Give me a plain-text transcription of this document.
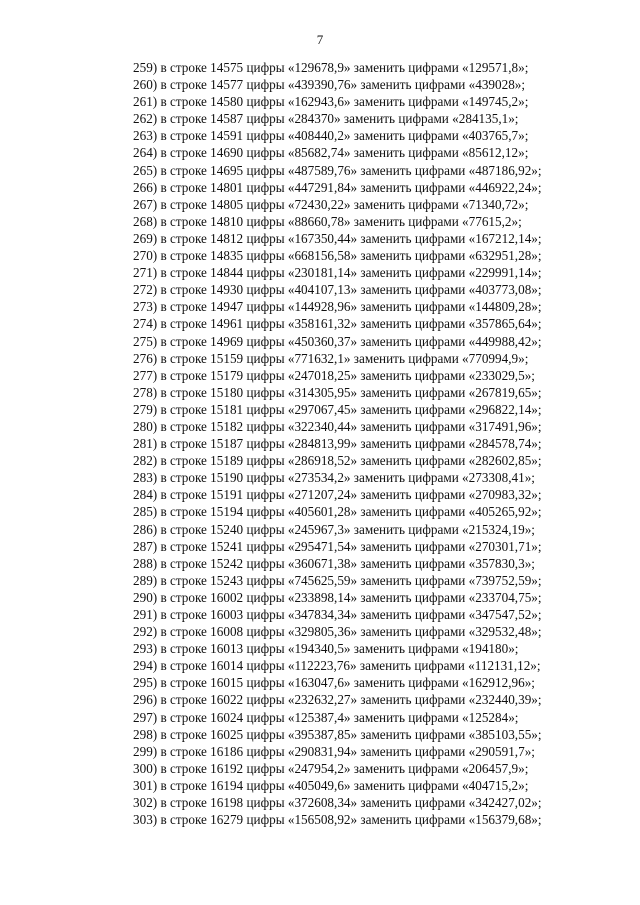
7
259) в строке 14575 цифры «129678,9» заменить цифрами «129571,8»;
260) в строке 14577 цифры «439390,76» заменить цифрами «439028»;
261) в строке 14580 цифры «162943,6» заменить цифрами «149745,2»;
262) в строке 14587 цифры «284370» заменить цифрами «284135,1»;
263) в строке 14591 цифры «408440,2» заменить цифрами «403765,7»;
264) в строке 14690 цифры «85682,74» заменить цифрами «85612,12»;
265) в строке 14695 цифры «487589,76» заменить цифрами «487186,92»;
266) в строке 14801 цифры «447291,84» заменить цифрами «446922,24»;
267) в строке 14805 цифры «72430,22» заменить цифрами «71340,72»;
268) в строке 14810 цифры «88660,78» заменить цифрами «77615,2»;
269) в строке 14812 цифры «167350,44» заменить цифрами «167212,14»;
270) в строке 14835 цифры «668156,58» заменить цифрами «632951,28»;
271) в строке 14844 цифры «230181,14» заменить цифрами «229991,14»;
272) в строке 14930 цифры «404107,13» заменить цифрами «403773,08»;
273) в строке 14947 цифры «144928,96» заменить цифрами «144809,28»;
274) в строке 14961 цифры «358161,32» заменить цифрами «357865,64»;
275) в строке 14969 цифры «450360,37» заменить цифрами «449988,42»;
276) в строке 15159 цифры «771632,1» заменить цифрами «770994,9»;
277) в строке 15179 цифры «247018,25» заменить цифрами «233029,5»;
278) в строке 15180 цифры «314305,95» заменить цифрами «267819,65»;
279) в строке 15181 цифры «297067,45» заменить цифрами «296822,14»;
280) в строке 15182 цифры «322340,44» заменить цифрами «317491,96»;
281) в строке 15187 цифры «284813,99» заменить цифрами «284578,74»;
282) в строке 15189 цифры «286918,52» заменить цифрами «282602,85»;
283) в строке 15190 цифры «273534,2» заменить цифрами «273308,41»;
284) в строке 15191 цифры «271207,24» заменить цифрами «270983,32»;
285) в строке 15194 цифры «405601,28» заменить цифрами «405265,92»;
286) в строке 15240 цифры «245967,3» заменить цифрами «215324,19»;
287) в строке 15241 цифры «295471,54» заменить цифрами «270301,71»;
288) в строке 15242 цифры «360671,38» заменить цифрами «357830,3»;
289) в строке 15243 цифры «745625,59» заменить цифрами «739752,59»;
290) в строке 16002 цифры «233898,14» заменить цифрами «233704,75»;
291) в строке 16003 цифры «347834,34» заменить цифрами «347547,52»;
292) в строке 16008 цифры «329805,36» заменить цифрами «329532,48»;
293) в строке 16013 цифры «194340,5» заменить цифрами «194180»;
294) в строке 16014 цифры «112223,76» заменить цифрами «112131,12»;
295) в строке 16015 цифры «163047,6» заменить цифрами «162912,96»;
296) в строке 16022 цифры «232632,27» заменить цифрами «232440,39»;
297) в строке 16024 цифры «125387,4» заменить цифрами «125284»;
298) в строке 16025 цифры «395387,85» заменить цифрами «385103,55»;
299) в строке 16186 цифры «290831,94» заменить цифрами «290591,7»;
300) в строке 16192 цифры «247954,2» заменить цифрами «206457,9»;
301) в строке 16194 цифры «405049,6» заменить цифрами «404715,2»;
302) в строке 16198 цифры «372608,34» заменить цифрами «342427,02»;
303) в строке 16279 цифры «156508,92» заменить цифрами «156379,68»;
